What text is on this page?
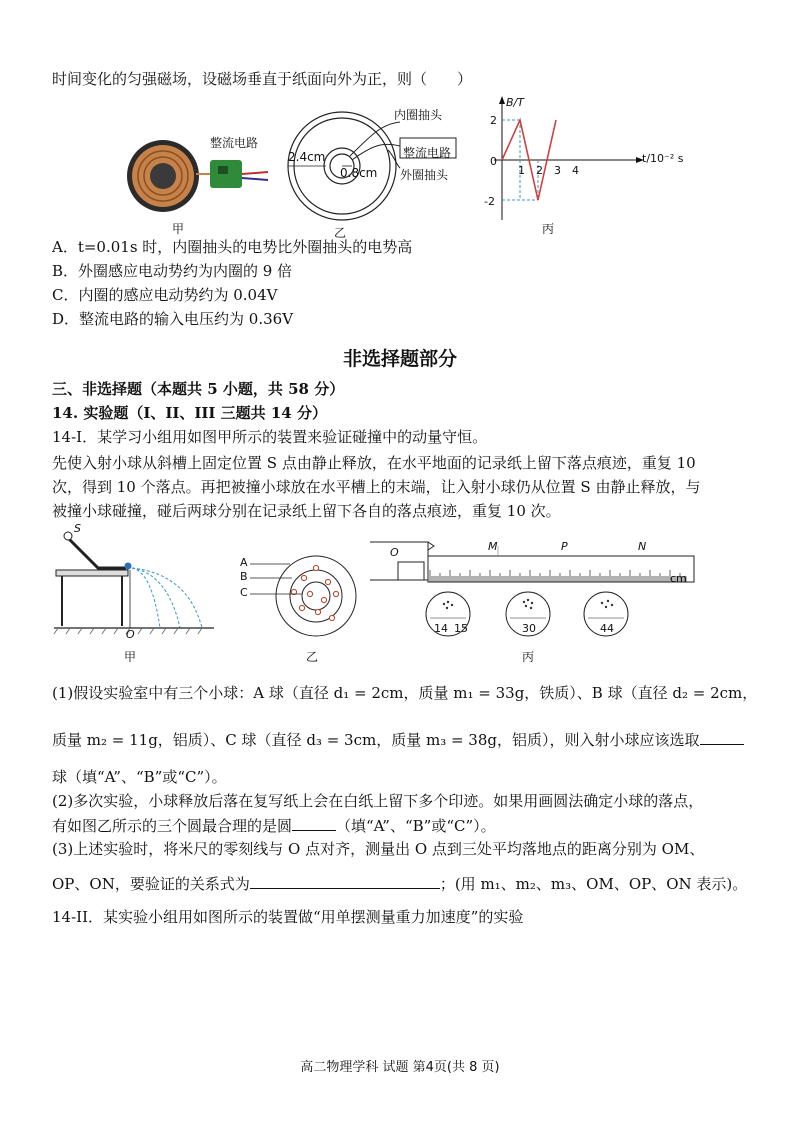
时间变化的匀强磁场，设磁场垂直于纸面向外为正，则（　　）
整流电路
甲
内圈抽头
整流电路
外圈抽头
2.4cm
0.8cm
乙
B/T
t/10⁻² s
2
0
-2
1 2 3 4
丙
A．t=0.01s 时，内圈抽头的电势比外圈抽头的电势高
B．外圈感应电动势约为内圈的 9 倍
C．内圈的感应电动势约为 0.04V
D．整流电路的输入电压约为 0.36V
非选择题部分
三、非选择题（本题共 5 小题，共 58 分）
14. 实验题（I、II、III 三题共 14 分）
14-I．某学习小组用如图甲所示的装置来验证碰撞中的动量守恒。
先使入射小球从斜槽上固定位置 S 点由静止释放，在水平地面的记录纸上留下落点痕迹，重复 10
次，得到 10 个落点。再把被撞小球放在水平槽上的末端，让入射小球仍从位置 S 由静止释放，与
被撞小球碰撞，碰后两球分别在记录纸上留下各自的落点痕迹，重复 10 次。
S
O
甲
A
B
C
乙
O	M	P	N
cm
14 15	30	44
丙
(1)假设实验室中有三个小球：A 球（直径 d₁ = 2cm，质量 m₁ = 33g，铁质）、B 球（直径 d₂ = 2cm，
质量 m₂ = 11g，铝质）、C 球（直径 d₃ = 3cm，质量 m₃ = 38g，铝质），则入射小球应该选取
球（填“A”、“B”或“C”）。
(2)多次实验，小球释放后落在复写纸上会在白纸上留下多个印迹。如果用画圆法确定小球的落点，
有如图乙所示的三个圆最合理的是圆	（填“A”、“B”或“C”）。
(3)上述实验时，将米尺的零刻线与 O 点对齐，测量出 O 点到三处平均落地点的距离分别为 OM、
OP、ON，要验证的关系式为	；(用 m₁、m₂、m₃、OM、OP、ON 表示)。
14-II．某实验小组用如图所示的装置做“用单摆测量重力加速度”的实验
高二物理学科 试题 第4页(共 8 页)
